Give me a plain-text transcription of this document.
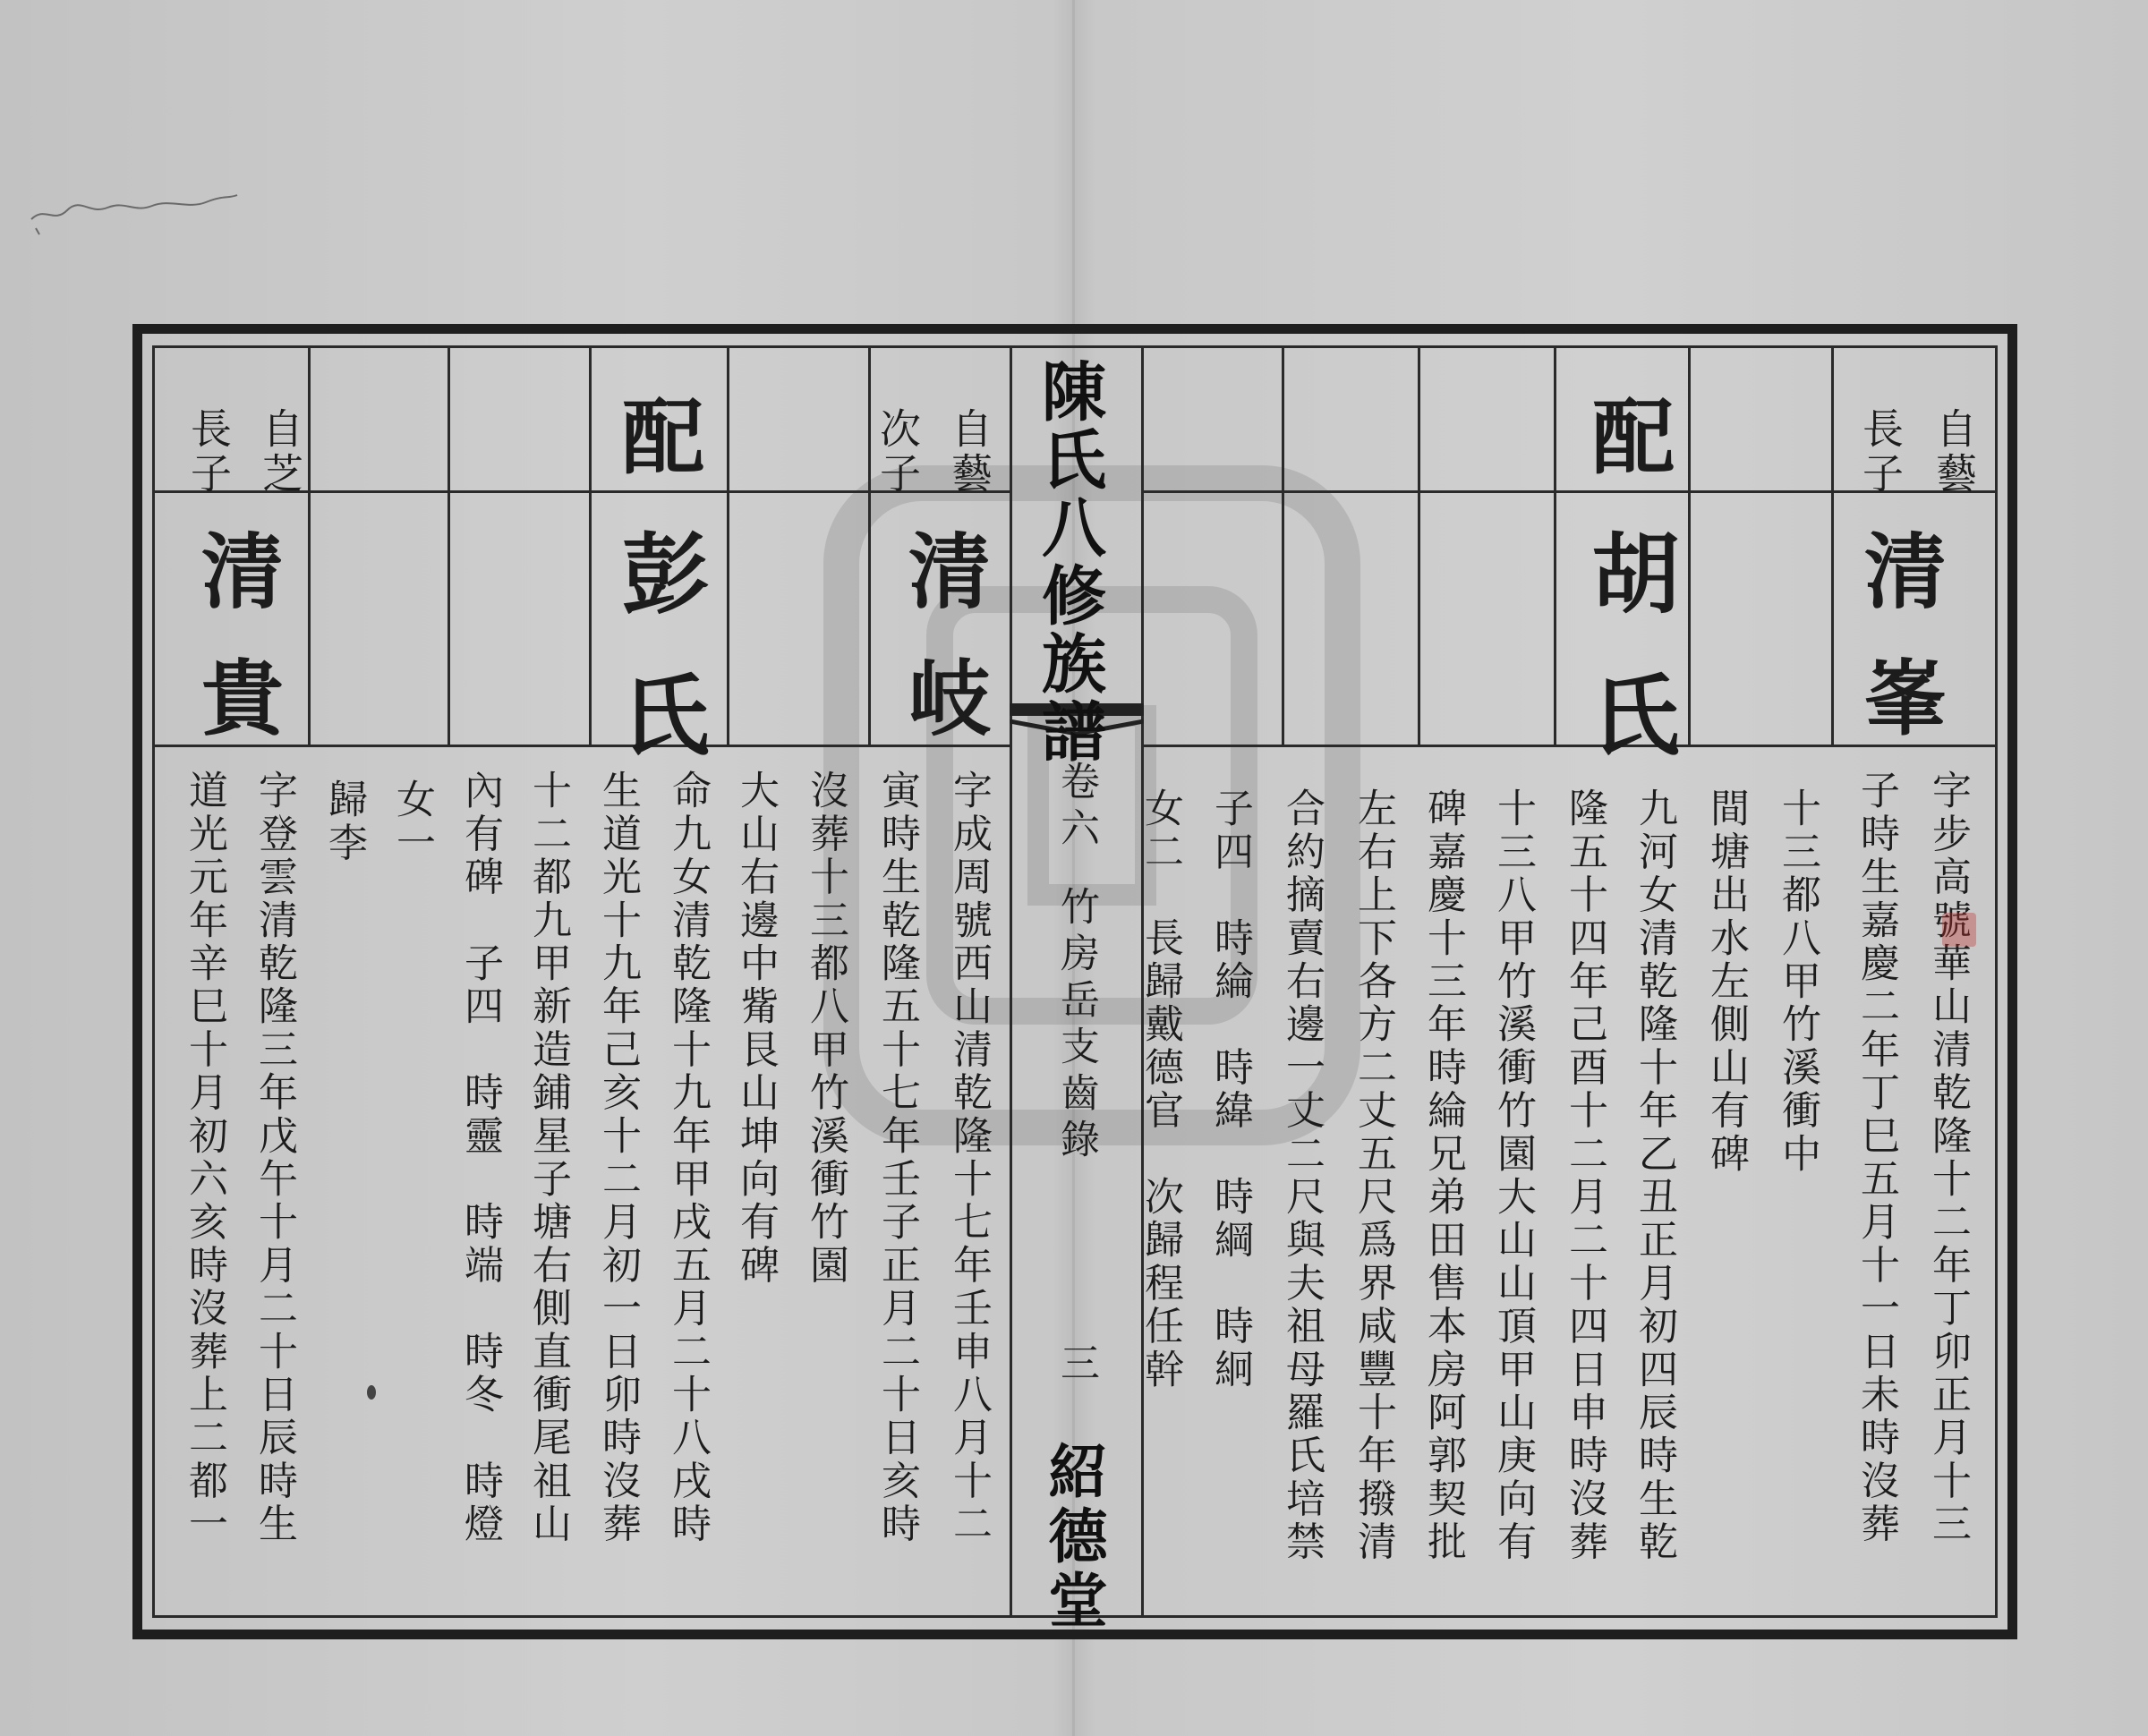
陳氏八修族譜

卷六

竹房岳支齒錄

三

紹德堂

自藝

長子

清峯

配

胡氏

字步高號華山清乾隆十二年丁卯正月十三

子時生嘉慶二年丁巳五月十一日未時沒葬

十三都八甲竹溪衝中

間塘出水左側山有碑

九河女清乾隆十年乙丑正月初四辰時生乾

隆五十四年己酉十二月二十四日申時沒葬

十三八甲竹溪衝竹園大山山頂甲山庚向有

碑嘉慶十三年時綸兄弟田售本房阿郭契批

左右上下各方二丈五尺爲界咸豐十年撥清

合約摘賣右邊一丈二尺與夫祖母羅氏培禁

子四　時綸　時緯　時綱　時絅

女二　長歸戴德官　次歸程任幹

自藝

次子

清岐

配

彭氏

自芝

長子

清貴

字成周號西山清乾隆十七年壬申八月十二

寅時生乾隆五十七年壬子正月二十日亥時

沒葬十三都八甲竹溪衝竹園

大山右邊中觜艮山坤向有碑

命九女清乾隆十九年甲戌五月二十八戌時

生道光十九年己亥十二月初一日卯時沒葬

十二都九甲新造鋪星子塘右側直衝尾祖山

內有碑　子四　時靈　時端　時冬　時燈

女一

歸李

字登雲清乾隆三年戊午十月二十日辰時生

道光元年辛巳十月初六亥時沒葬上二都一
